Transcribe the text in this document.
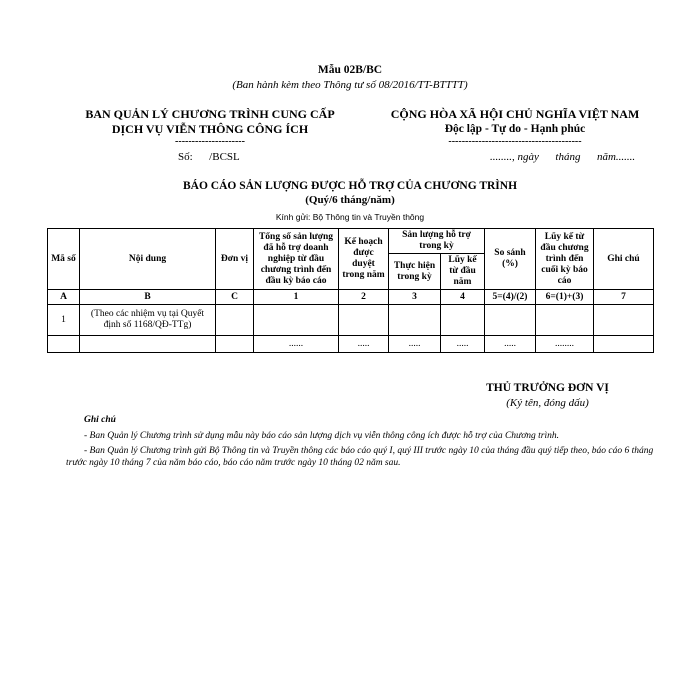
Mẫu 02B/BC
(Ban hành kèm theo Thông tư số 08/2016/TT-BTTTT)
BAN QUẢN LÝ CHƯƠNG TRÌNH CUNG CẤP
DỊCH VỤ VIỄN THÔNG CÔNG ÍCH
---------------------
CỘNG HÒA XÃ HỘI CHỦ NGHĨA VIỆT NAM
Độc lập - Tự do - Hạnh phúc
----------------------------------------
Số:      /BCSL	........, ngày      tháng      năm.......
BÁO CÁO SẢN LƯỢNG ĐƯỢC HỖ TRỢ CỦA CHƯƠNG TRÌNH
(Quý/6 tháng/năm)
Kính gửi: Bộ Thông tin và Truyền thông
Mã số	Nội dung	Đơn vị	Tổng số sản lượng đã hỗ trợ doanh nghiệp từ đầu chương trình đến đầu kỳ báo cáo	Kế hoạch được duyệt trong năm	Sản lượng hỗ trợ trong kỳ		So sánh (%)	Lũy kế từ đầu chương trình đến cuối kỳ báo cáo	Ghi chú
					Thực hiện trong kỳ	Lũy kế từ đầu năm			
A	B	C	1	2	3	4	5=(4)/(2)	6=(1)+(3)	7
1	(Theo các nhiệm vụ tại Quyết định số 1168/QĐ-TTg)								
			......	.....	.....	.....	.....	........	
THỦ TRƯỞNG ĐƠN VỊ
(Ký tên, đóng dấu)
Ghi chú
- Ban Quản lý Chương trình sử dụng mẫu này báo cáo sản lượng dịch vụ viễn thông công ích được hỗ trợ của Chương trình.
- Ban Quản lý Chương trình gửi Bộ Thông tin và Truyền thông các báo cáo quý I, quý III trước ngày 10 của tháng đầu quý tiếp theo, báo cáo 6 tháng trước ngày 10 tháng 7 của năm báo cáo, báo cáo năm trước ngày 10 tháng 02 năm sau.
